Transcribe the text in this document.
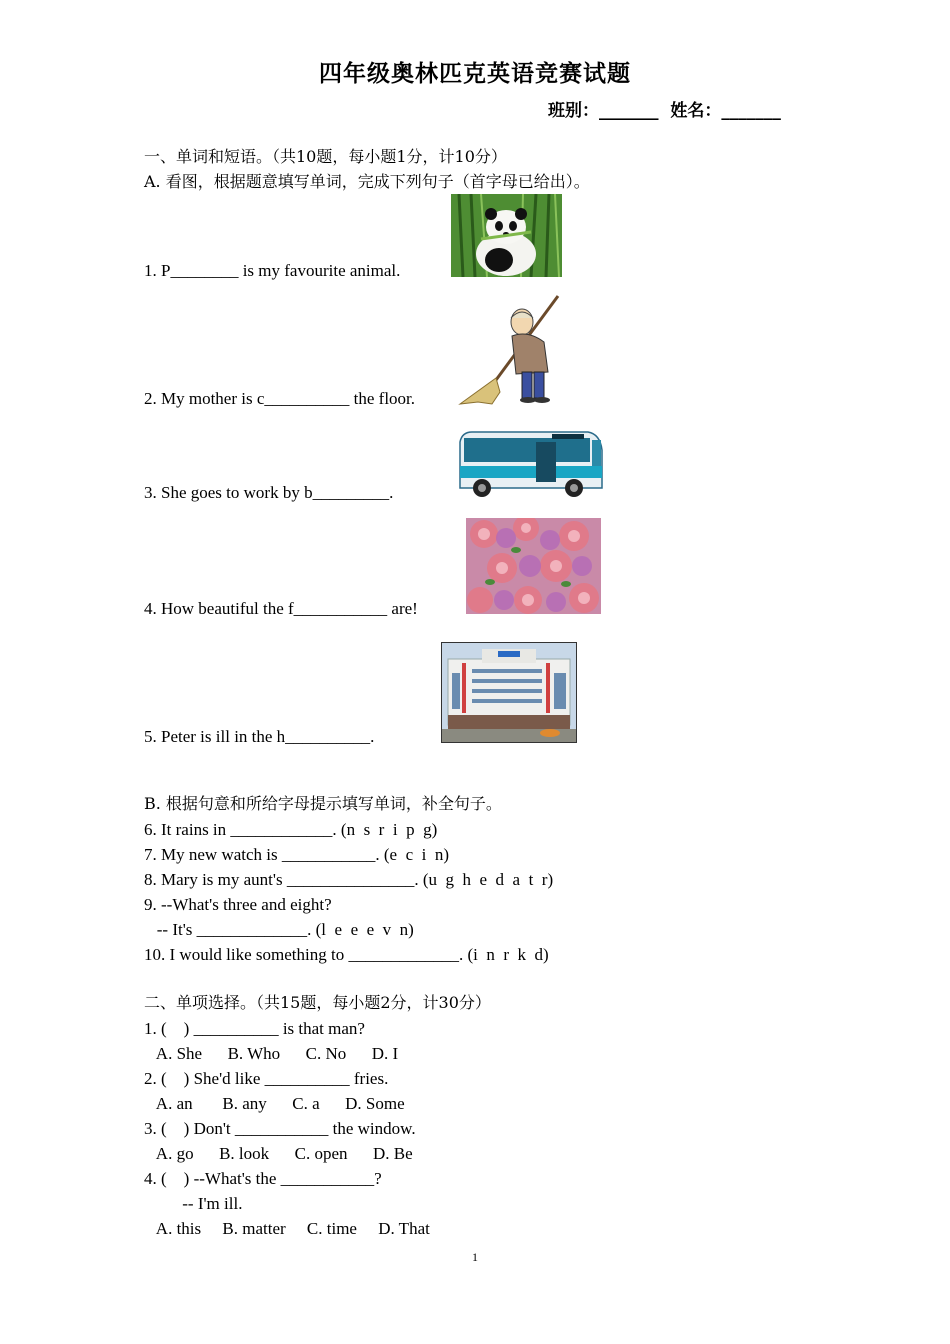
四年级奥林匹克英语竞赛试题
班别：_______  姓名：_______
一、单词和短语。（共10题，每小题1分，计10分）
A. 看图，根据题意填写单词，完成下列句子（首字母已给出）。
1. P________ is my favourite animal.
2. My mother is c__________ the floor.
3. She goes to work by b_________.
4. How beautiful the f___________ are!
5. Peter is ill in the h__________.
B. 根据句意和所给字母提示填写单词，补全句子。
6. It rains in ____________. (n  s  r  i  p  g)
7. My new watch is ___________. (e  c  i  n)
8. Mary is my aunt's _______________. (u  g  h  e  d  a  t  r)
9. --What's three and eight?
-- It's _____________. (l  e  e  e  v  n)
10. I would like something to _____________. (i  n  r  k  d)
二、单项选择。（共15题，每小题2分，计30分）
1. (    ) __________ is that man?
A. She      B. Who      C. No      D. I
2. (    ) She'd like __________ fries.
A. an       B. any      C. a      D. Some
3. (    ) Don't ___________ the window.
A. go      B. look      C. open      D. Be
4. (    ) --What's the ___________?
-- I'm ill.
A. this     B. matter     C. time     D. That
1
